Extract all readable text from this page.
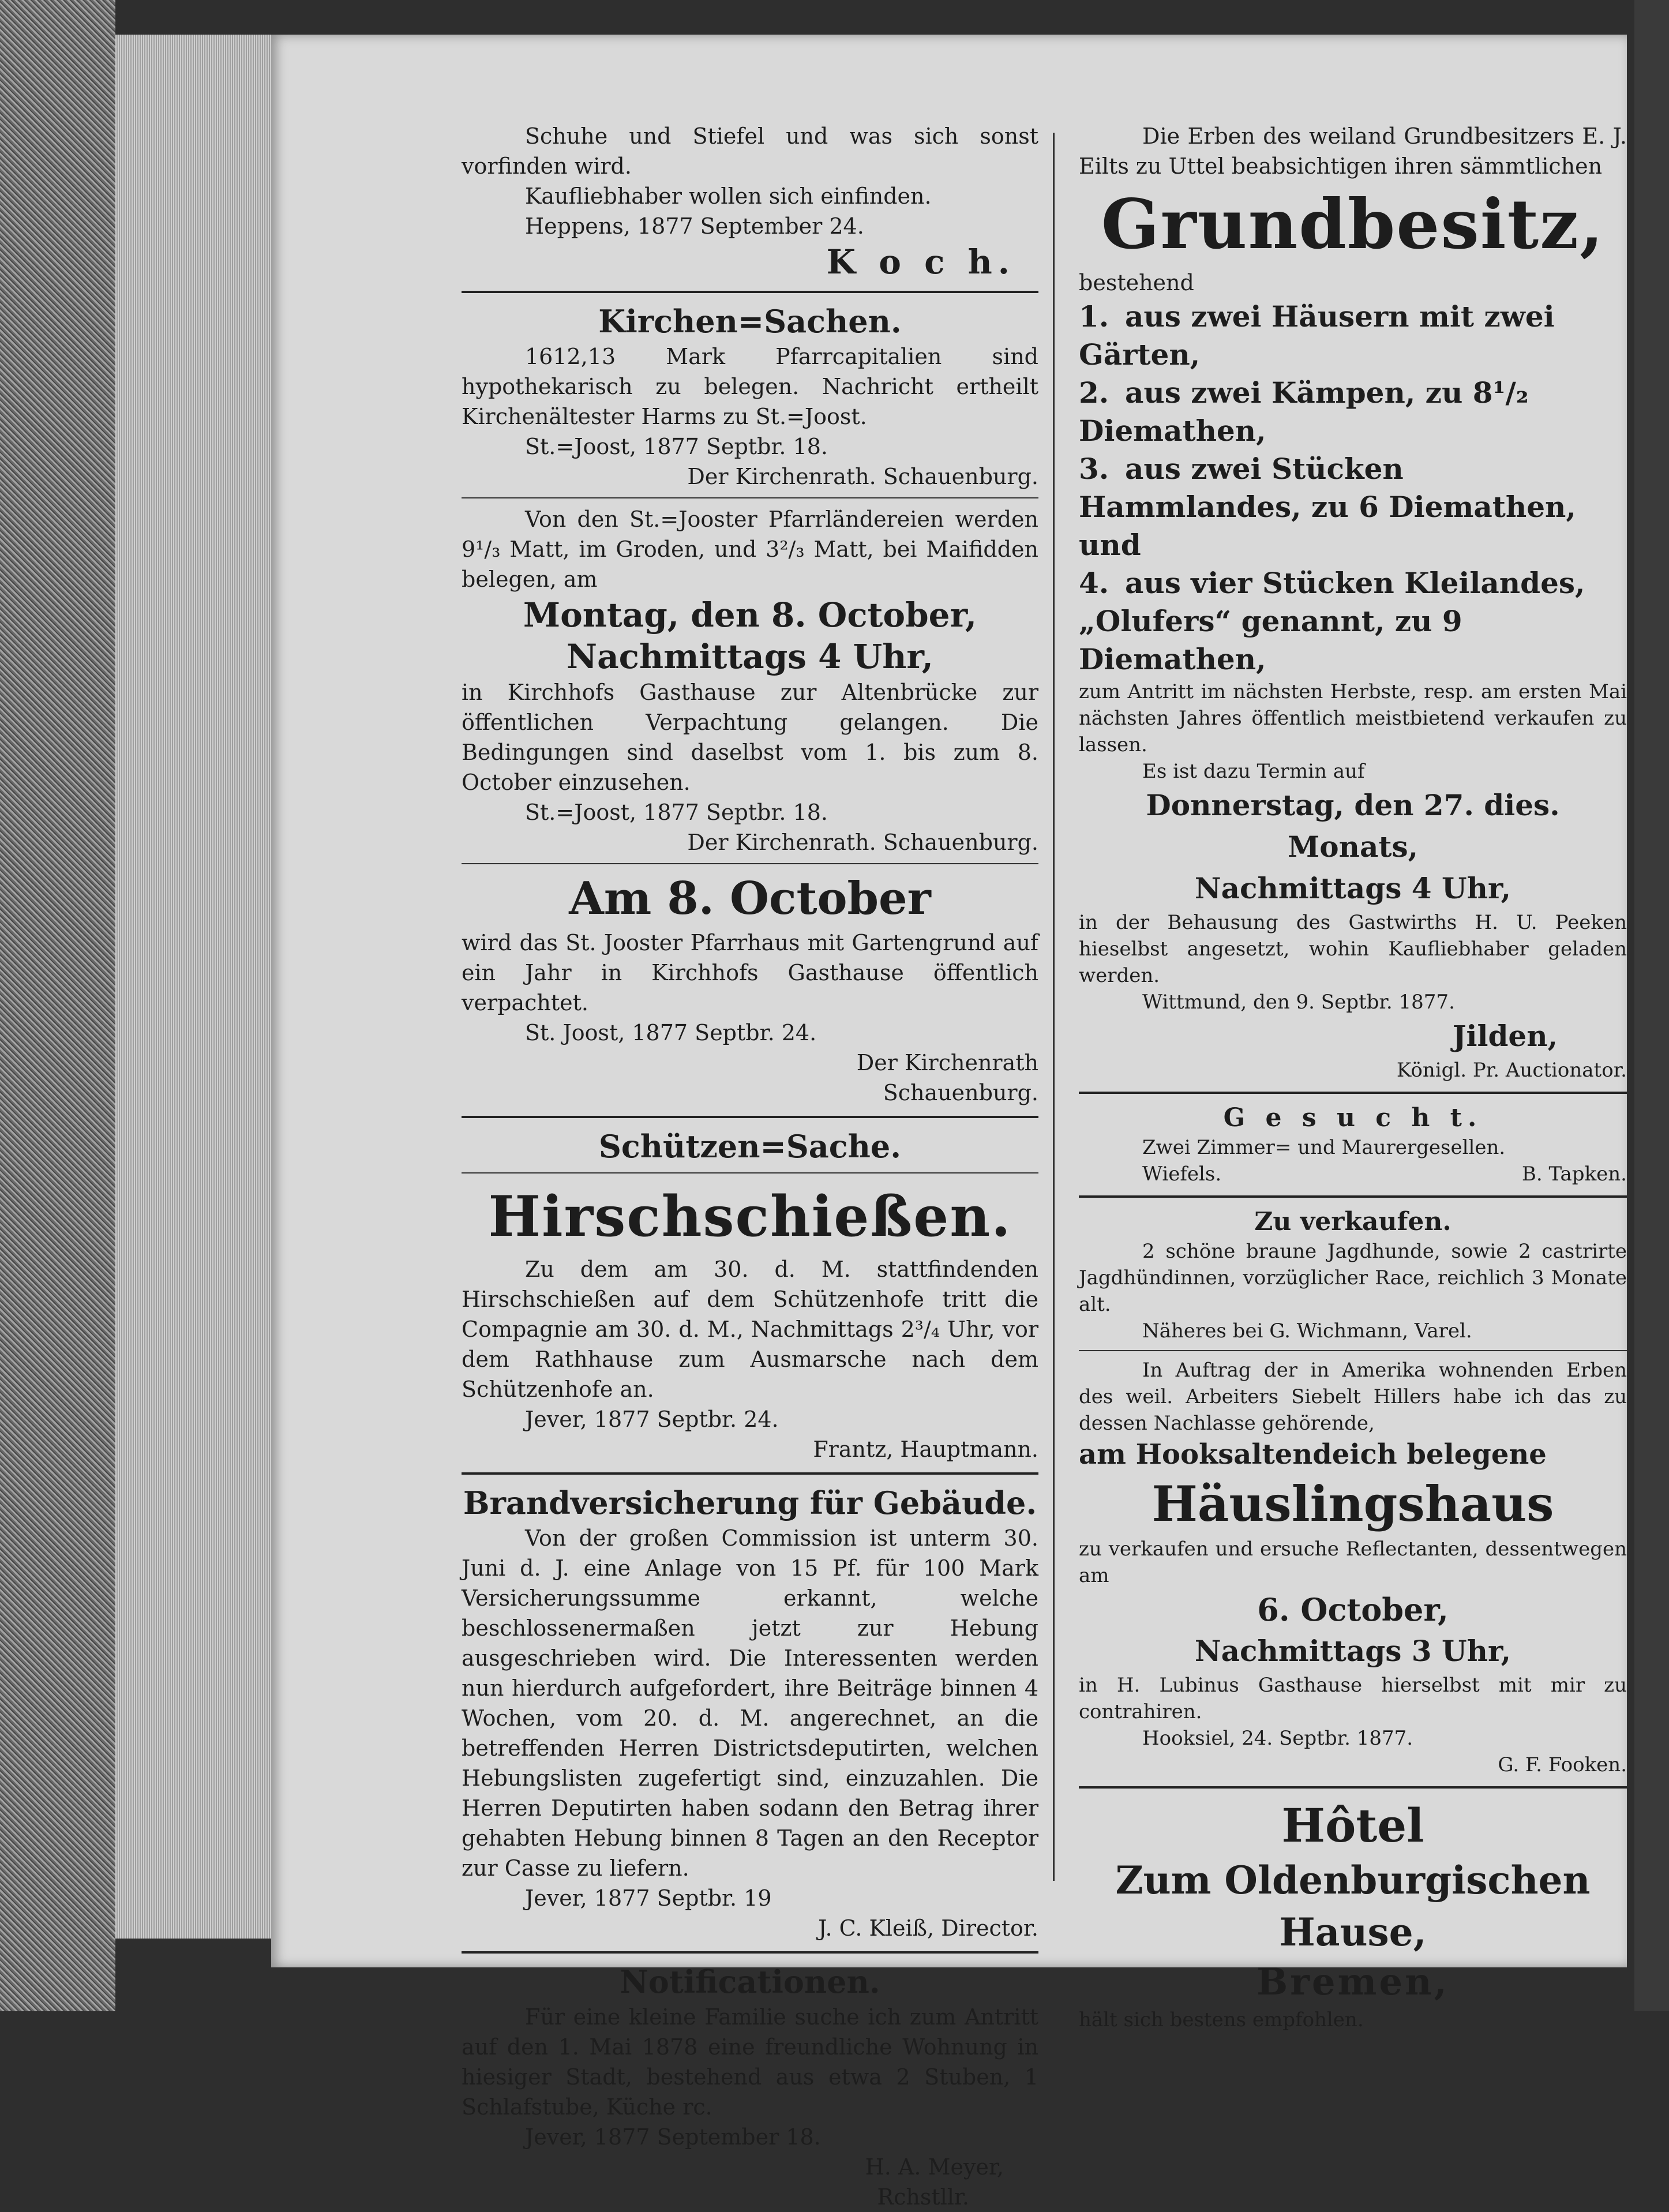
Schuhe und Stiefel und was sich sonst vorfinden wird.

Kaufliebhaber wollen sich einfinden.

Heppens, 1877 September 24.

K o c h.

Kirchen=Sachen.

1612,13 Mark Pfarrcapitalien sind hypothekarisch zu belegen. Nachricht ertheilt Kirchenältester Harms zu St.=Joost.

St.=Joost, 1877 Septbr. 18.

Der Kirchenrath. Schauenburg.

Von den St.=Jooster Pfarrländereien werden 9¹/₃ Matt, im Groden, und 3²/₃ Matt, bei Maifidden belegen, am

Montag, den 8. October,

Nachmittags 4 Uhr,

in Kirchhofs Gasthause zur Altenbrücke zur öffentlichen Verpachtung gelangen. Die Bedingungen sind daselbst vom 1. bis zum 8. October einzusehen.

St.=Joost, 1877 Septbr. 18.

Der Kirchenrath. Schauenburg.

Am 8. October

wird das St. Jooster Pfarrhaus mit Gartengrund auf ein Jahr in Kirchhofs Gasthause öffentlich verpachtet.

St. Joost, 1877 Septbr. 24.

Der Kirchenrath

Schauenburg.

Schützen=Sache.

Hirschschießen.

Zu dem am 30. d. M. stattfindenden Hirschschießen auf dem Schützenhofe tritt die Compagnie am 30. d. M., Nachmittags 2³/₄ Uhr, vor dem Rathhause zum Ausmarsche nach dem Schützenhofe an.

Jever, 1877 Septbr. 24.

Frantz, Hauptmann.

Brandversicherung für Gebäude.

Von der großen Commission ist unterm 30. Juni d. J. eine Anlage von 15 Pf. für 100 Mark Versicherungssumme erkannt, welche beschlossenermaßen jetzt zur Hebung ausgeschrieben wird. Die Interessenten werden nun hierdurch aufgefordert, ihre Beiträge binnen 4 Wochen, vom 20. d. M. angerechnet, an die betreffenden Herren Districtsdeputirten, welchen Hebungslisten zugefertigt sind, einzuzahlen. Die Herren Deputirten haben sodann den Betrag ihrer gehabten Hebung binnen 8 Tagen an den Receptor zur Casse zu liefern.

Jever, 1877 Septbr. 19

J. C. Kleiß, Director.

Notificationen.

Für eine kleine Familie suche ich zum Antritt auf den 1. Mai 1878 eine freundliche Wohnung in hiesiger Stadt, bestehend aus etwa 2 Stuben, 1 Schlafstube, Küche rc.

Jever, 1877 September 18.

H. A. Meyer,

Rchstllr.

Die Erben des weiland Grundbesitzers E. J. Eilts zu Uttel beabsichtigen ihren sämmtlichen

Grundbesitz,

bestehend

1. aus zwei Häusern mit zwei Gärten,

2. aus zwei Kämpen, zu 8¹/₂ Diemathen,

3. aus zwei Stücken Hammlandes, zu 6 Diemathen, und

4. aus vier Stücken Kleilandes, „Olufers“ genannt, zu 9 Diemathen,

zum Antritt im nächsten Herbste, resp. am ersten Mai nächsten Jahres öffentlich meistbietend verkaufen zu lassen.

Es ist dazu Termin auf

Donnerstag, den 27. dies. Monats,

Nachmittags 4 Uhr,

in der Behausung des Gastwirths H. U. Peeken hieselbst angesetzt, wohin Kaufliebhaber geladen werden.

Wittmund, den 9. Septbr. 1877.

Jilden,

Königl. Pr. Auctionator.

G e s u c h t.

Zwei Zimmer= und Maurergesellen.

Wiefels.	B. Tapken.

Zu verkaufen.

2 schöne braune Jagdhunde, sowie 2 castrirte Jagdhündinnen, vorzüglicher Race, reichlich 3 Monate alt.

Näheres bei G. Wichmann, Varel.

In Auftrag der in Amerika wohnenden Erben des weil. Arbeiters Siebelt Hillers habe ich das zu dessen Nachlasse gehörende,

am Hooksaltendeich belegene

Häuslingshaus

zu verkaufen und ersuche Reflectanten, dessentwegen am

6. October,

Nachmittags 3 Uhr,

in H. Lubinus Gasthause hierselbst mit mir zu contrahiren.

Hooksiel, 24. Septbr. 1877.

G. F. Fooken.

Hôtel

Zum Oldenburgischen Hause,

Bremen,

hält sich bestens empfohlen.
